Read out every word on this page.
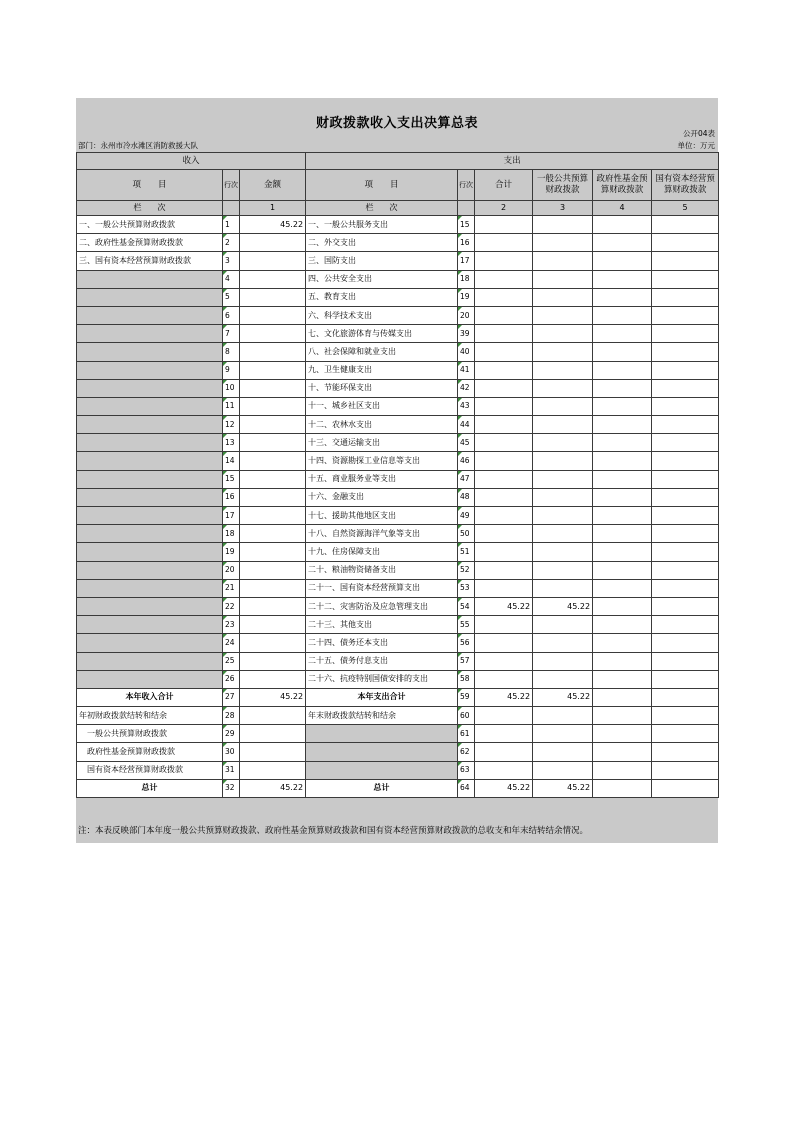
财政拨款收入支出决算总表
公开04表
部门：永州市冷水滩区消防救援大队	单位：万元
收入			支出					
项　　目	行次	金额	项　　目	行次	合计	一般公共预算财政拨款	政府性基金预算财政拨款	国有资本经营预算财政拨款
栏　　次		1	栏　　次		2	3	4	5
一、一般公共预算财政拨款	1	45.22	一、一般公共服务支出	15				
二、政府性基金预算财政拨款	2		二、外交支出	16				
三、国有资本经营预算财政拨款	3		三、国防支出	17				
	4		四、公共安全支出	18				
	5		五、教育支出	19				
	6		六、科学技术支出	20				
	7		七、文化旅游体育与传媒支出	39				
	8		八、社会保障和就业支出	40				
	9		九、卫生健康支出	41				
	10		十、节能环保支出	42				
	11		十一、城乡社区支出	43				
	12		十二、农林水支出	44				
	13		十三、交通运输支出	45				
	14		十四、资源勘探工业信息等支出	46				
	15		十五、商业服务业等支出	47				
	16		十六、金融支出	48				
	17		十七、援助其他地区支出	49				
	18		十八、自然资源海洋气象等支出	50				
	19		十九、住房保障支出	51				
	20		二十、粮油物资储备支出	52				
	21		二十一、国有资本经营预算支出	53				
	22		二十二、灾害防治及应急管理支出	54	45.22	45.22		
	23		二十三、其他支出	55				
	24		二十四、债务还本支出	56				
	25		二十五、债务付息支出	57				
	26		二十六、抗疫特别国债安排的支出	58				
本年收入合计	27	45.22	本年支出合计	59	45.22	45.22		
年初财政拨款结转和结余	28		年末财政拨款结转和结余	60				
一般公共预算财政拨款	29			61				
政府性基金预算财政拨款	30			62				
国有资本经营预算财政拨款	31			63				
总计	32	45.22	总计	64	45.22	45.22		
注：本表反映部门本年度一般公共预算财政拨款、政府性基金预算财政拨款和国有资本经营预算财政拨款的总收支和年末结转结余情况。
